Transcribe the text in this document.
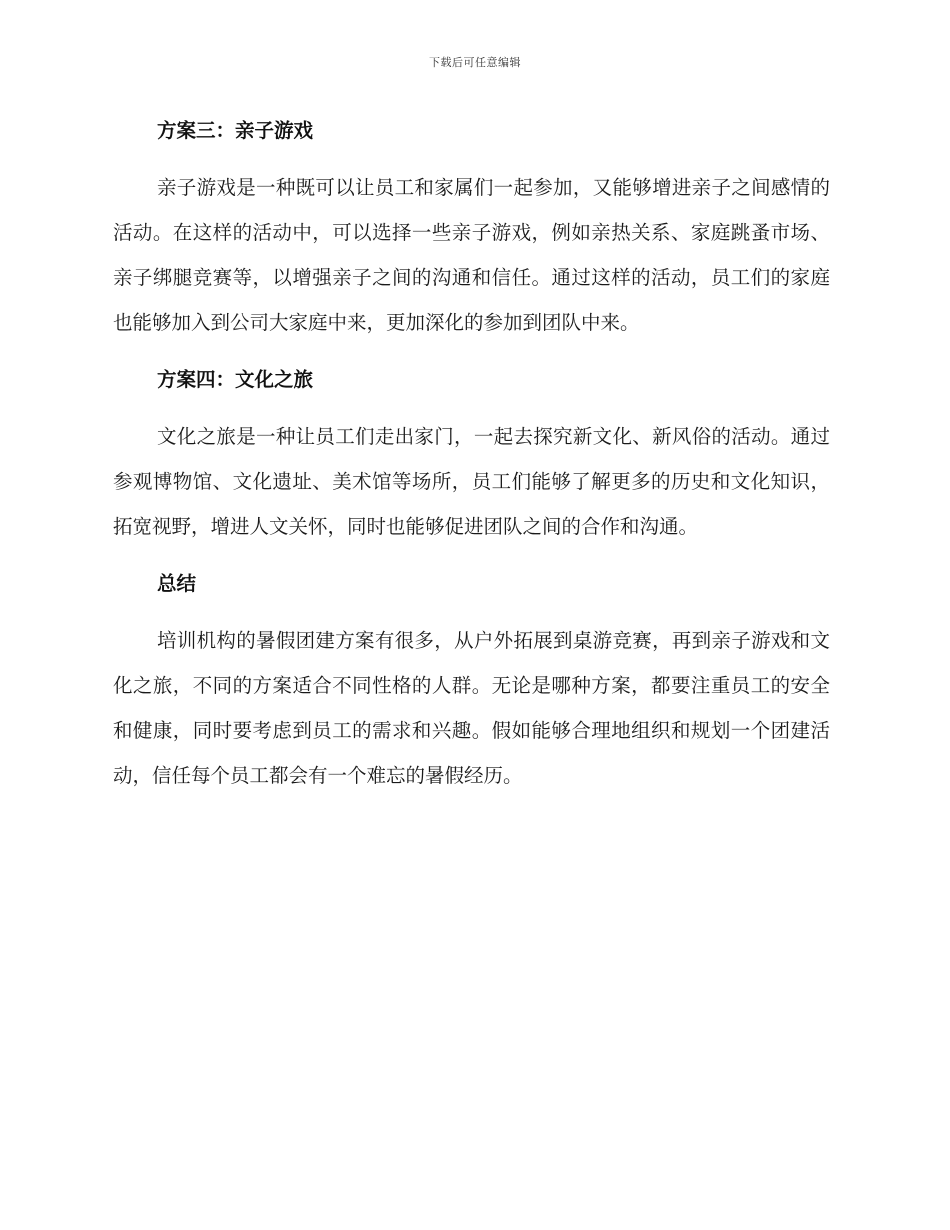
下载后可任意编辑
方案三：亲子游戏

亲子游戏是一种既可以让员工和家属们一起参加，又能够增进亲子之间感情的活动。在这样的活动中，可以选择一些亲子游戏，例如亲热关系、家庭跳蚤市场、亲子绑腿竞赛等，以增强亲子之间的沟通和信任。通过这样的活动，员工们的家庭也能够加入到公司大家庭中来，更加深化的参加到团队中来。

方案四：文化之旅

文化之旅是一种让员工们走出家门，一起去探究新文化、新风俗的活动。通过参观博物馆、文化遗址、美术馆等场所，员工们能够了解更多的历史和文化知识，拓宽视野，增进人文关怀，同时也能够促进团队之间的合作和沟通。

总结

培训机构的暑假团建方案有很多，从户外拓展到桌游竞赛，再到亲子游戏和文化之旅，不同的方案适合不同性格的人群。无论是哪种方案，都要注重员工的安全和健康，同时要考虑到员工的需求和兴趣。假如能够合理地组织和规划一个团建活动，信任每个员工都会有一个难忘的暑假经历。
